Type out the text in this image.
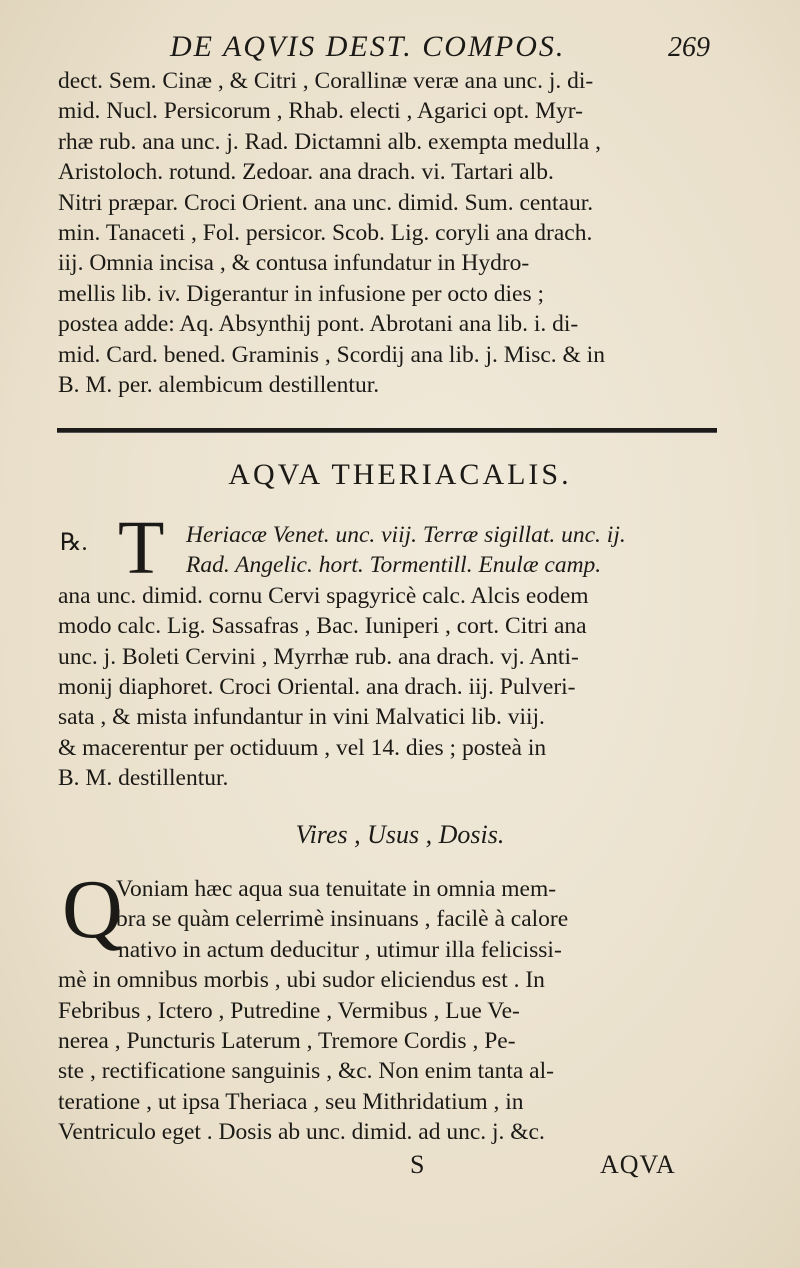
DE AQVIS DEST. COMPOS.	269
dect. Sem. Cinæ , & Citri , Corallinæ veræ ana unc. j. di-
mid. Nucl. Persicorum , Rhab. electi , Agarici opt. Myr-
rhæ rub. ana unc. j. Rad. Dictamni alb. exempta medulla ,
Aristoloch. rotund. Zedoar. ana drach. vi. Tartari alb.
Nitri præpar. Croci Orient. ana unc. dimid. Sum. centaur.
min. Tanaceti , Fol. persicor. Scob. Lig. coryli ana drach.
iij. Omnia incisa , & contusa infundatur in Hydro-
mellis lib. iv. Digerantur in infusione per octo dies ;
postea adde: Aq. Absynthij pont. Abrotani ana lib. i. di-
mid. Card. bened. Graminis , Scordij ana lib. j. Misc. & in
B. M. per. alembicum destillentur.
AQVA THERIACALIS.
℞. T Heriacæ Venet. unc. viij. Terræ sigillat. unc. ij.
Rad. Angelic. hort. Tormentill. Enulæ camp.
ana unc. dimid. cornu Cervi spagyricè calc. Alcis eodem
modo calc. Lig. Sassafras , Bac. Iuniperi , cort. Citri ana
unc. j. Boleti Cervini , Myrrhæ rub. ana drach. vj. Anti-
monij diaphoret. Croci Oriental. ana drach. iij. Pulveri-
sata , & mista infundantur in vini Malvatici lib. viij.
& macerentur per octiduum , vel 14. dies ; posteà in
B. M. destillentur.
Vires , Usus , Dosis.
Q
Voniam hæc aqua sua tenuitate in omnia mem-
bra se quàm celerrimè insinuans , facilè à calore
nativo in actum deducitur , utimur illa felicissi-
mè in omnibus morbis , ubi sudor eliciendus est . In
Febribus , Ictero , Putredine , Vermibus , Lue Ve-
nerea , Puncturis Laterum , Tremore Cordis , Pe-
ste , rectificatione sanguinis , &c. Non enim tanta al-
teratione , ut ipsa Theriaca , seu Mithridatium , in
Ventriculo eget . Dosis ab unc. dimid. ad unc. j. &c.
S	AQVA
